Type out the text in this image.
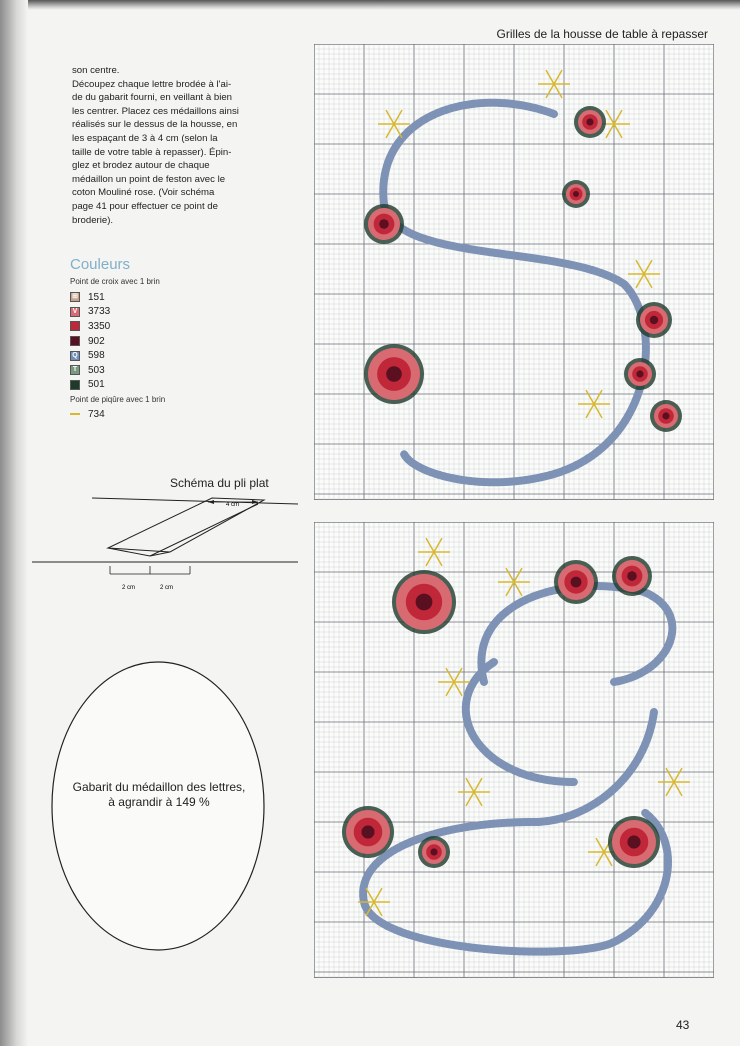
son centre.

Découpez chaque lettre brodée à l'ai-

de du gabarit fourni, en veillant à bien

les centrer. Placez ces médaillons ainsi

réalisés sur le dessus de la housse, en

les espaçant de 3 à 4 cm (selon la

taille de votre table à repasser). Épin-

glez et brodez autour de chaque

médaillon un point de feston avec le

coton Mouliné rose. (Voir schéma

page 41 pour effectuer ce point de

broderie).

Couleurs
Point de croix avec 1 brin
⊞ 151
V 3733
3350
902
Q 598
T 503
501
Point de piqûre avec 1 brin
734
Schéma du pli plat
4 cm
2 cm	2 cm
Gabarit du médaillon des lettres,
à agrandir à 149 %
Grilles de la housse de table à repasser
43
